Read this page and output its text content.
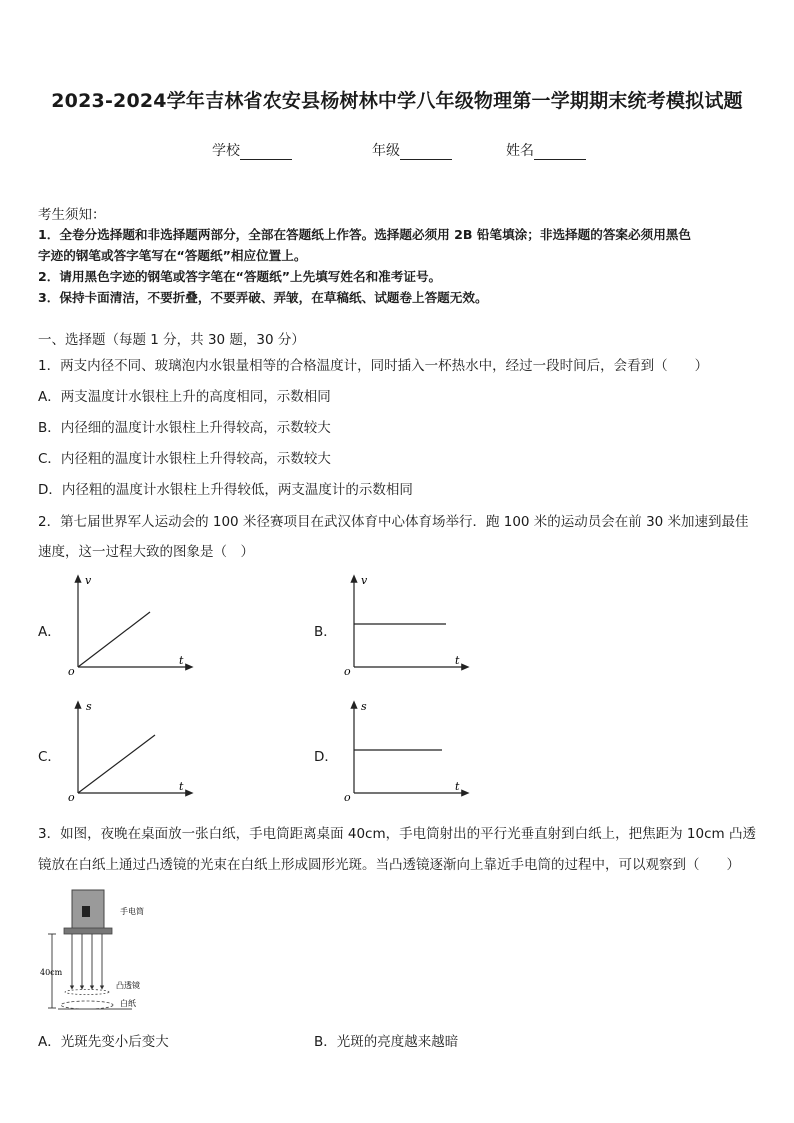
2023-2024学年吉林省农安县杨树林中学八年级物理第一学期期末统考模拟试题
学校	年级	姓名
考生须知：
1．全卷分选择题和非选择题两部分，全部在答题纸上作答。选择题必须用 2B 铅笔填涂；非选择题的答案必须用黑色
字迹的钢笔或答字笔写在“答题纸”相应位置上。
2．请用黑色字迹的钢笔或答字笔在“答题纸”上先填写姓名和准考证号。
3．保持卡面清洁，不要折叠，不要弄破、弄皱，在草稿纸、试题卷上答题无效。
一、选择题（每题 1 分，共 30 题，30 分）
1．两支内径不同、玻璃泡内水银量相等的合格温度计，同时插入一杯热水中，经过一段时间后，会看到（　　）
A．两支温度计水银柱上升的高度相同，示数相同
B．内径细的温度计水银柱上升得较高，示数较大
C．内径粗的温度计水银柱上升得较高，示数较大
D．内径粗的温度计水银柱上升得较低，两支温度计的示数相同
2．第七届世界军人运动会的 100 米径赛项目在武汉体育中心体育场举行．跑 100 米的运动员会在前 30 米加速到最佳
速度，这一过程大致的图象是（　）
A．
v
t
o
B．
v
t
o
C．
s
t
o
D．
s
t
o
3．如图，夜晚在桌面放一张白纸，手电筒距离桌面 40cm，手电筒射出的平行光垂直射到白纸上，把焦距为 10cm 凸透
镜放在白纸上通过凸透镜的光束在白纸上形成圆形光斑。当凸透镜逐渐向上靠近手电筒的过程中，可以观察到（　　）
手电筒
40cm
凸透镜
白纸
A．光斑先变小后变大	B．光斑的亮度越来越暗
